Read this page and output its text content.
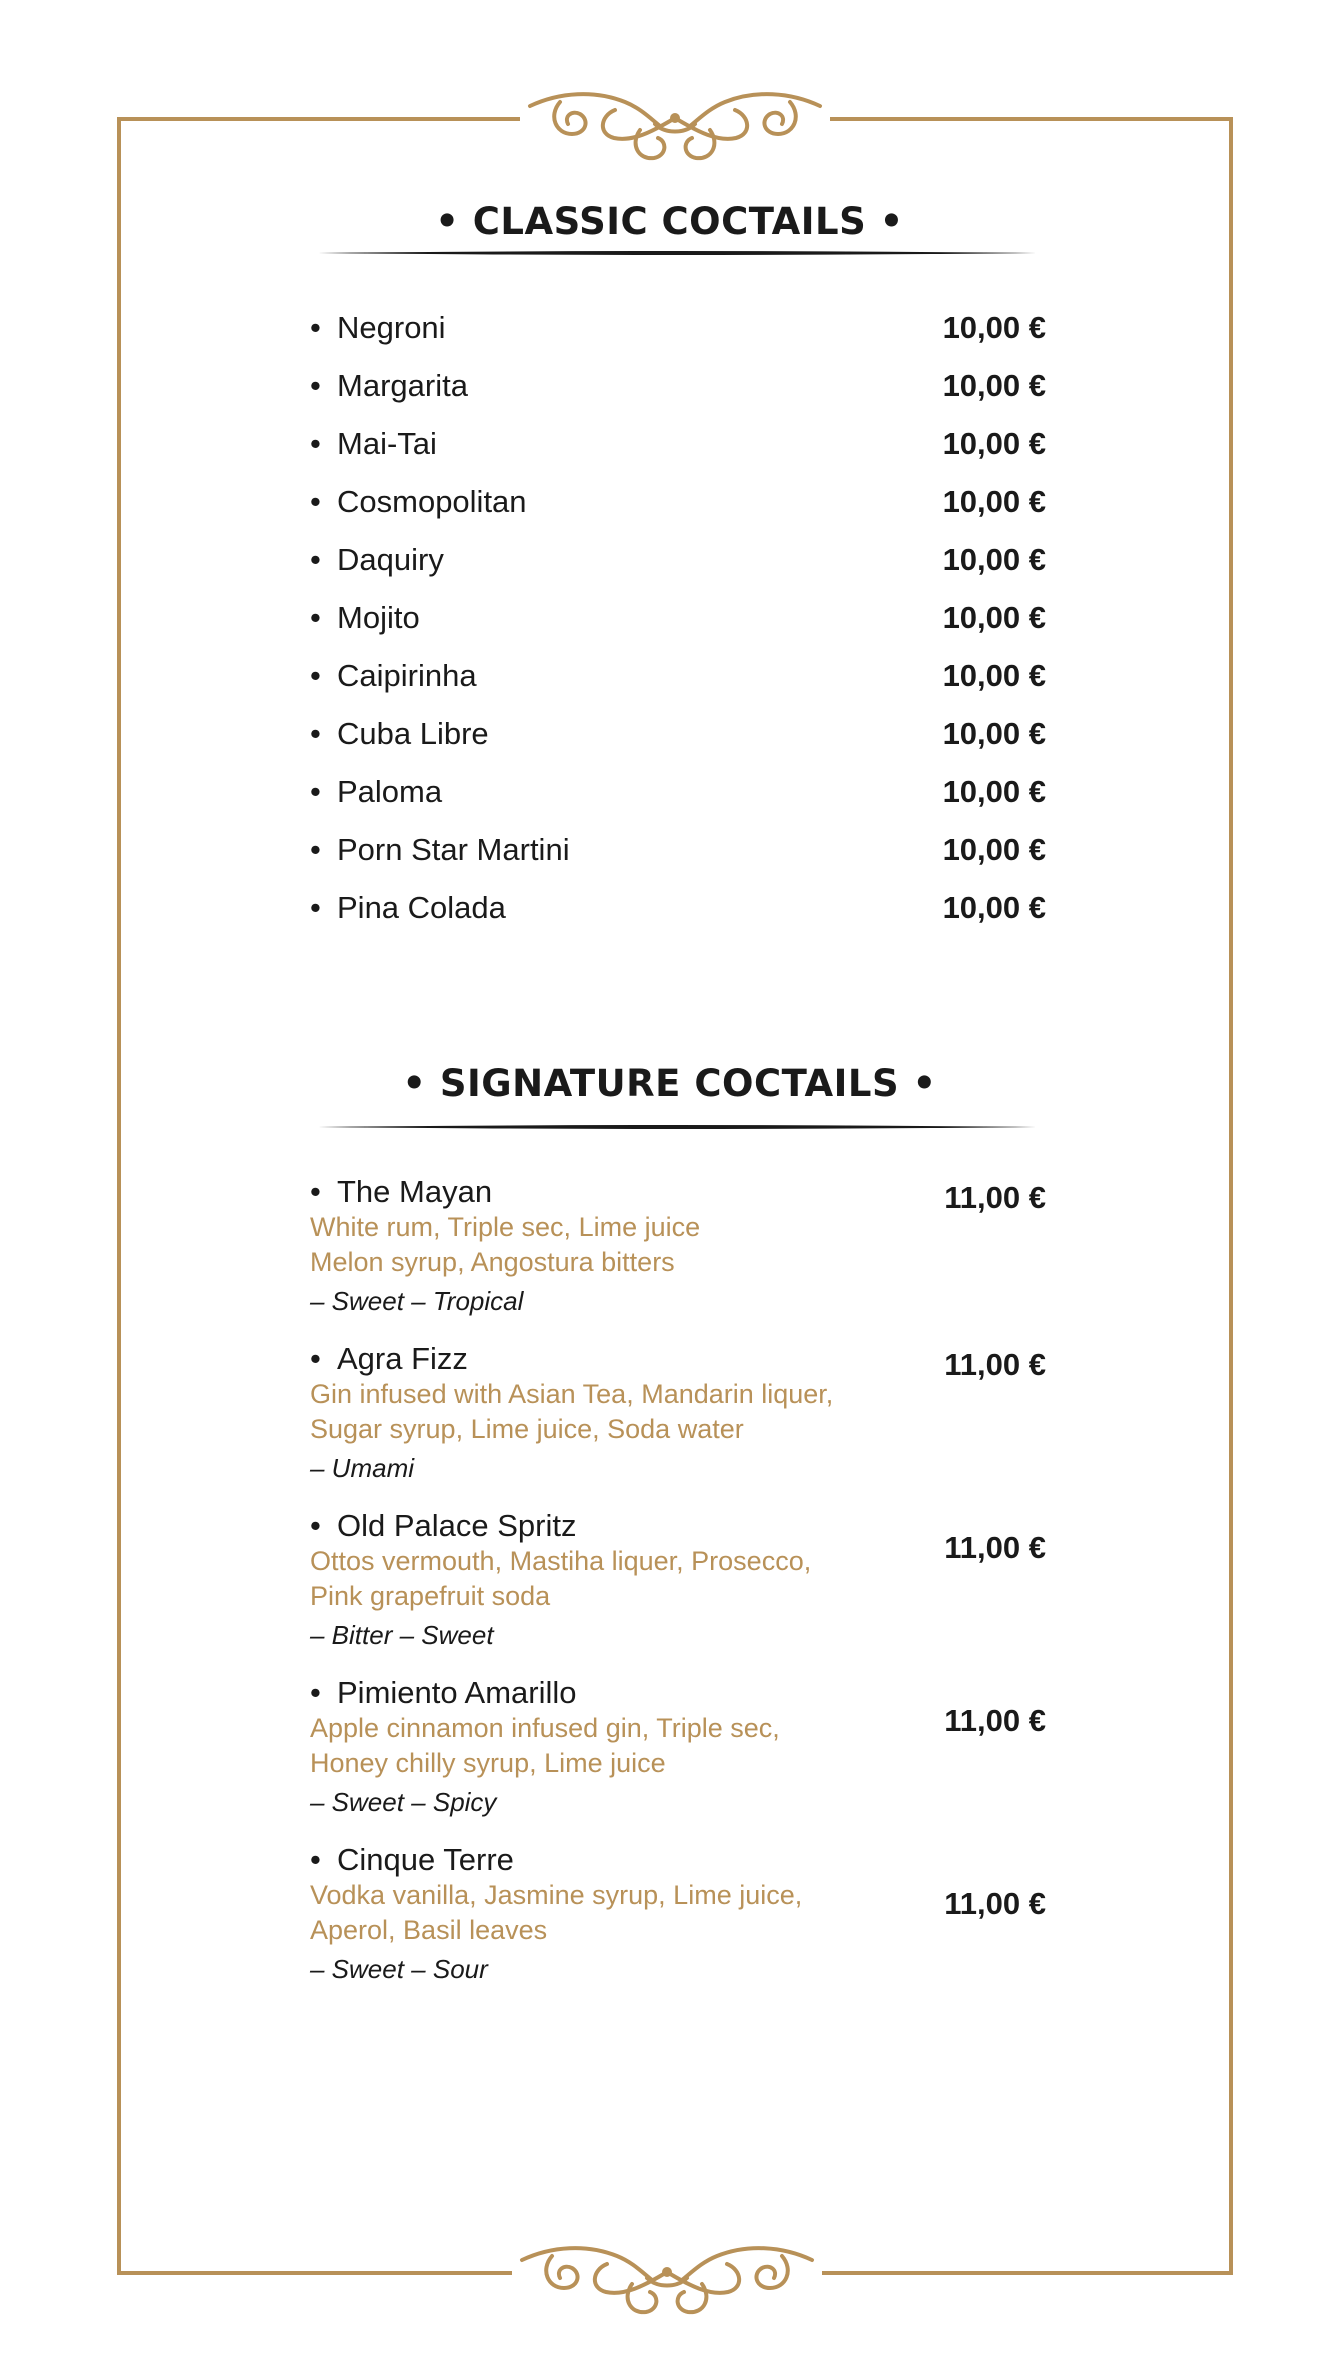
• CLASSIC COCTAILS •
• Negroni	10,00 €
• Margarita	10,00 €
• Mai-Tai	10,00 €
• Cosmopolitan	10,00 €
• Daquiry	10,00 €
• Mojito	10,00 €
• Caipirinha	10,00 €
• Cuba Libre	10,00 €
• Paloma	10,00 €
• Porn Star Martini	10,00 €
• Pina Colada	10,00 €
• SIGNATURE COCTAILS •
• The Mayan
White rum, Triple sec, Lime juice
Melon syrup, Angostura bitters
– Sweet – Tropical
11,00 €
• Agra Fizz
Gin infused with Asian Tea, Mandarin liquer,
Sugar syrup, Lime juice, Soda water
– Umami
11,00 €
• Old Palace Spritz
Ottos vermouth, Mastiha liquer, Prosecco,
Pink grapefruit soda
– Bitter – Sweet
11,00 €
• Pimiento Amarillo
Apple cinnamon infused gin, Triple sec,
Honey chilly syrup, Lime juice
– Sweet – Spicy
11,00 €
• Cinque Terre
Vodka vanilla, Jasmine syrup, Lime juice,
Aperol, Basil leaves
– Sweet – Sour
11,00 €
